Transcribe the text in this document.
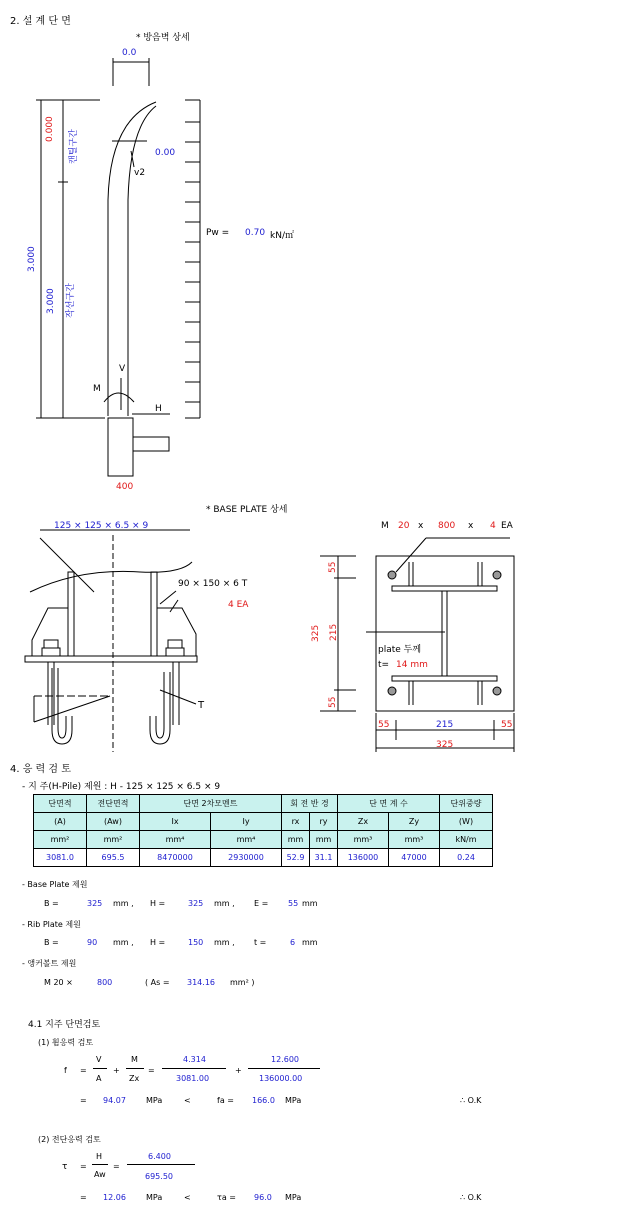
2. 설 계 단 면
* 방음벽 상세
0.0
0.000
캔틸구간	0.00
v2
3.000
3.000	작선구간
Pw = 0.70 kN/㎡
M
V
H
400
* BASE PLATE 상세
125 × 125 × 6.5 × 9
90 × 150 × 6 T
4 EA
T
M 20 x 800 x 4 EA
55
215
325
55
plate 두께
t= 14 mm
55	215	55
325
4. 응 력 검 토
- 지 주(H-Pile) 제원 : H - 125 × 125 × 6.5 × 9
단면적	전단면적	단면 2차모멘트		회 전 반 경		단 면 계 수		단위중량
(A)	(Aw)	Ix	Iy	rx	ry	Zx	Zy	(W)
mm²	mm²	mm⁴	mm⁴	mm	mm	mm³	mm³	kN/m
3081.0	695.5	8470000	2930000	52.9	31.1	136000	47000	0.24
- Base Plate 제원
B =	325 mm , H =	325 mm , E = 55 mm
- Rib Plate 제원
B =	90 mm , H =	150 mm , t =	6 mm
- 앵커볼트 제원
M 20 ×	800	( As = 314.16 mm² )
4.1 지주 단면검토
(1) 휨응력 검토
f =
V
A
+
M
Zx
=
4.314
3081.00
+
12.600
136000.00
= 94.07	MPa	<	fa = 166.0 MPa	∴ O.K
(2) 전단응력 검토
τ =
H
Aw
=
6.400
695.50
= 12.06	MPa	<	τa = 96.0 MPa	∴ O.K
